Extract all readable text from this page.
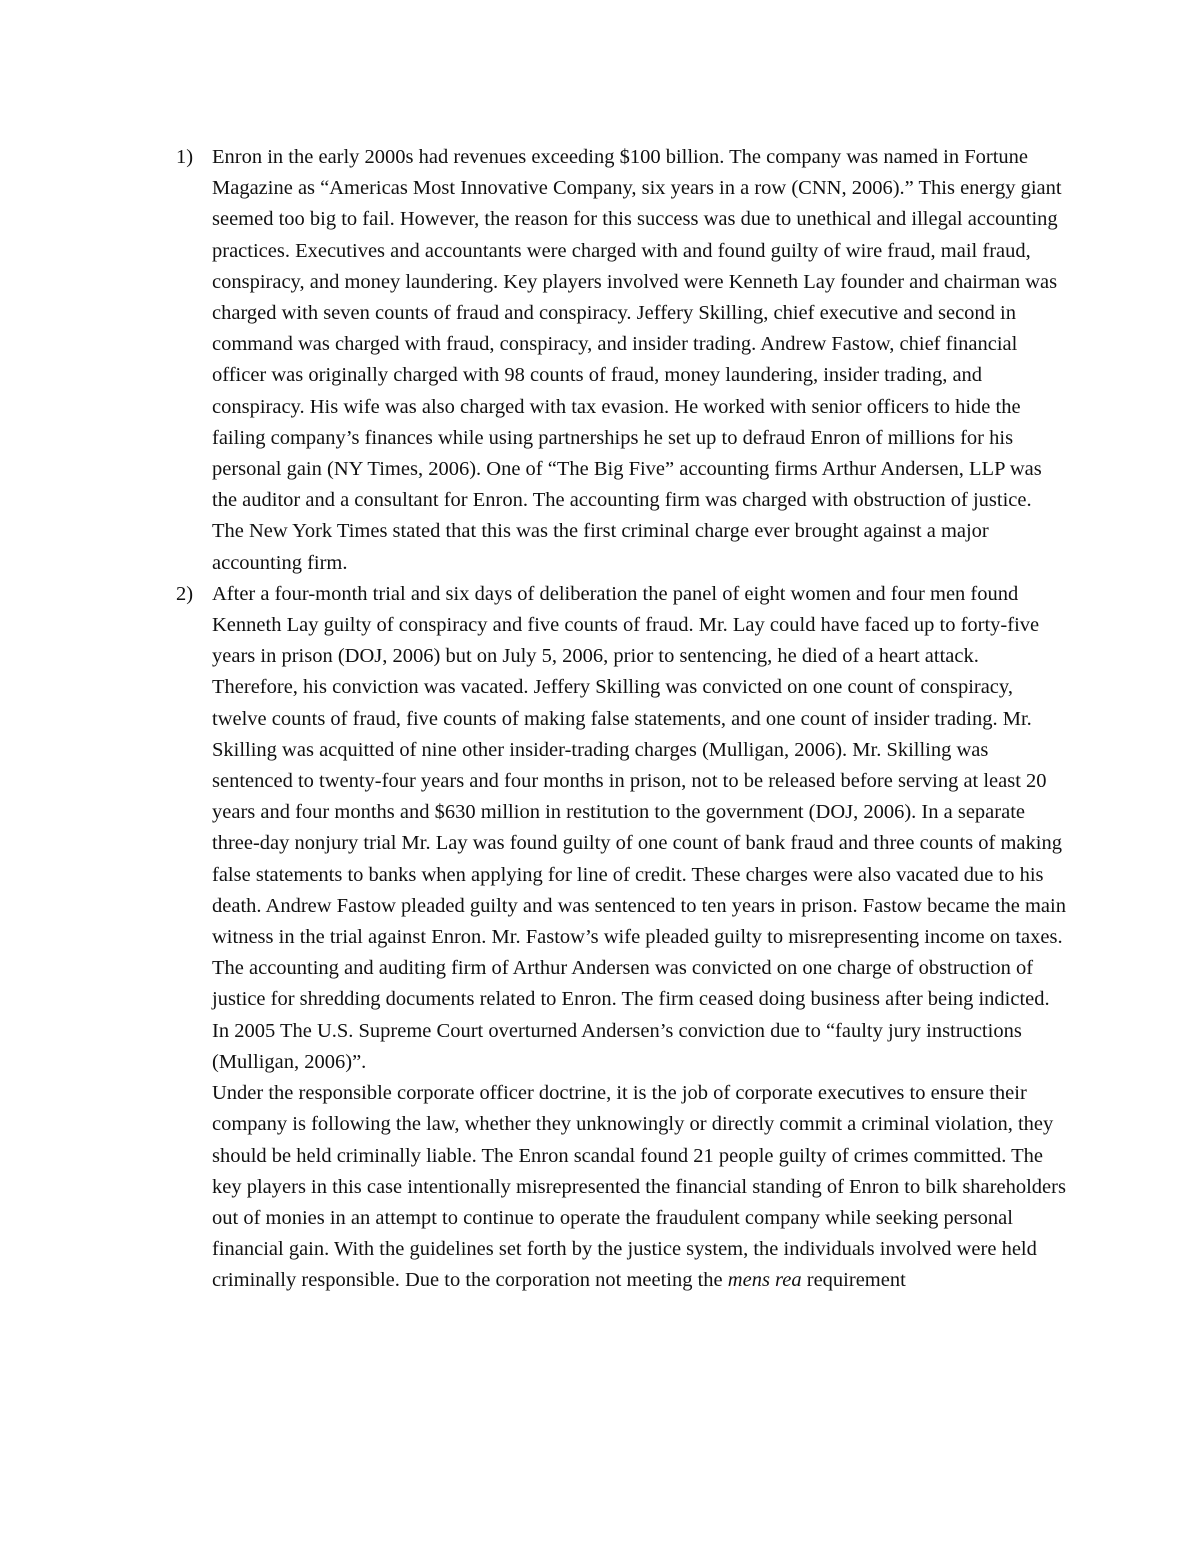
1) Enron in the early 2000s had revenues exceeding $100 billion. The company was named in Fortune Magazine as “Americas Most Innovative Company, six years in a row (CNN, 2006).” This energy giant seemed too big to fail. However, the reason for this success was due to unethical and illegal accounting practices. Executives and accountants were charged with and found guilty of wire fraud, mail fraud, conspiracy, and money laundering. Key players involved were Kenneth Lay founder and chairman was charged with seven counts of fraud and conspiracy. Jeffery Skilling, chief executive and second in command was charged with fraud, conspiracy, and insider trading. Andrew Fastow, chief financial officer was originally charged with 98 counts of fraud, money laundering, insider trading, and conspiracy. His wife was also charged with tax evasion. He worked with senior officers to hide the failing company’s finances while using partnerships he set up to defraud Enron of millions for his personal gain (NY Times, 2006). One of “The Big Five” accounting firms Arthur Andersen, LLP was the auditor and a consultant for Enron. The accounting firm was charged with obstruction of justice. The New York Times stated that this was the first criminal charge ever brought against a major accounting firm.
2) After a four-month trial and six days of deliberation the panel of eight women and four men found Kenneth Lay guilty of conspiracy and five counts of fraud. Mr. Lay could have faced up to forty-five years in prison (DOJ, 2006) but on July 5, 2006, prior to sentencing, he died of a heart attack. Therefore, his conviction was vacated. Jeffery Skilling was convicted on one count of conspiracy, twelve counts of fraud, five counts of making false statements, and one count of insider trading. Mr. Skilling was acquitted of nine other insider-trading charges (Mulligan, 2006). Mr. Skilling was sentenced to twenty-four years and four months in prison, not to be released before serving at least 20 years and four months and $630 million in restitution to the government (DOJ, 2006). In a separate three-day nonjury trial Mr. Lay was found guilty of one count of bank fraud and three counts of making false statements to banks when applying for line of credit. These charges were also vacated due to his death. Andrew Fastow pleaded guilty and was sentenced to ten years in prison. Fastow became the main witness in the trial against Enron. Mr. Fastow’s wife pleaded guilty to misrepresenting income on taxes. The accounting and auditing firm of Arthur Andersen was convicted on one charge of obstruction of justice for shredding documents related to Enron. The firm ceased doing business after being indicted. In 2005 The U.S. Supreme Court overturned Andersen’s conviction due to “faulty jury instructions (Mulligan, 2006)”.

Under the responsible corporate officer doctrine, it is the job of corporate executives to ensure their company is following the law, whether they unknowingly or directly commit a criminal violation, they should be held criminally liable. The Enron scandal found 21 people guilty of crimes committed. The key players in this case intentionally misrepresented the financial standing of Enron to bilk shareholders out of monies in an attempt to continue to operate the fraudulent company while seeking personal financial gain. With the guidelines set forth by the justice system, the individuals involved were held criminally responsible. Due to the corporation not meeting the mens rea requirement
